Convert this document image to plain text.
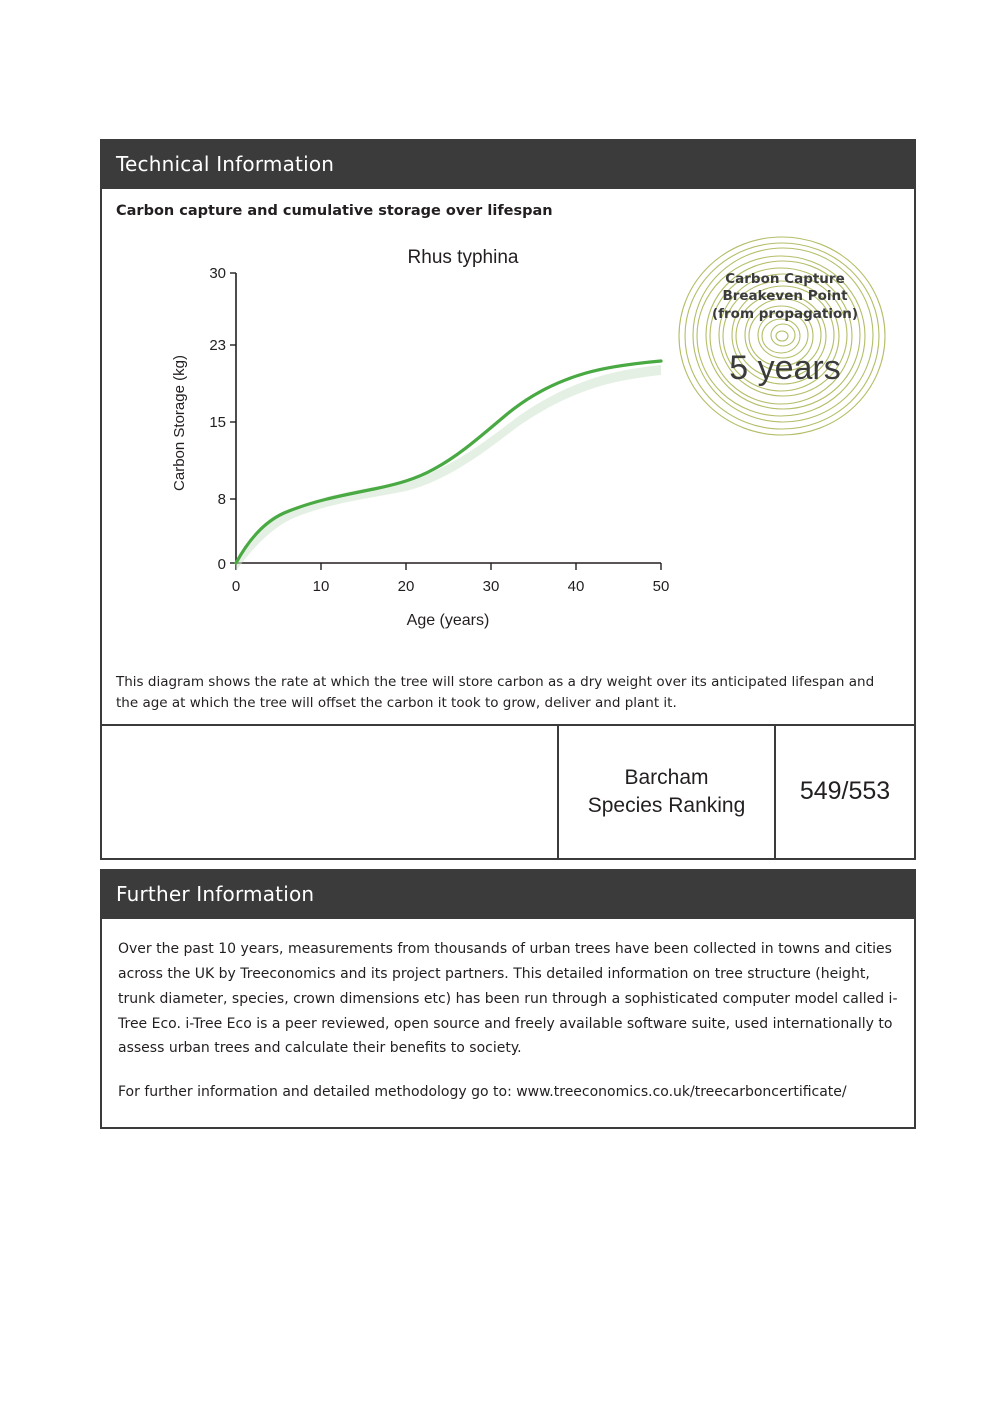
Technical Information
Carbon capture and cumulative storage over lifespan
Rhus typhina
30
23
15
8
0
0	10	20	30	40	50
Age (years)
Carbon Storage (kg)
Carbon Capture
Breakeven Point
(from propagation)
5 years
This diagram shows the rate at which the tree will store carbon as a dry weight over its anticipated lifespan and the age at which the tree will offset the carbon it took to grow, deliver and plant it.
Barcham
Species Ranking	549/553
Further Information

Over the past 10 years, measurements from thousands of urban trees have been collected in towns and cities across the UK by Treeconomics and its project partners. This detailed information on tree structure (height, trunk diameter, species, crown dimensions etc) has been run through a sophisticated computer model called i-Tree Eco. i-Tree Eco is a peer reviewed, open source and freely available software suite, used internationally to assess urban trees and calculate their benefits to society.

For further information and detailed methodology go to: www.treeconomics.co.uk/treecarboncertificate/
